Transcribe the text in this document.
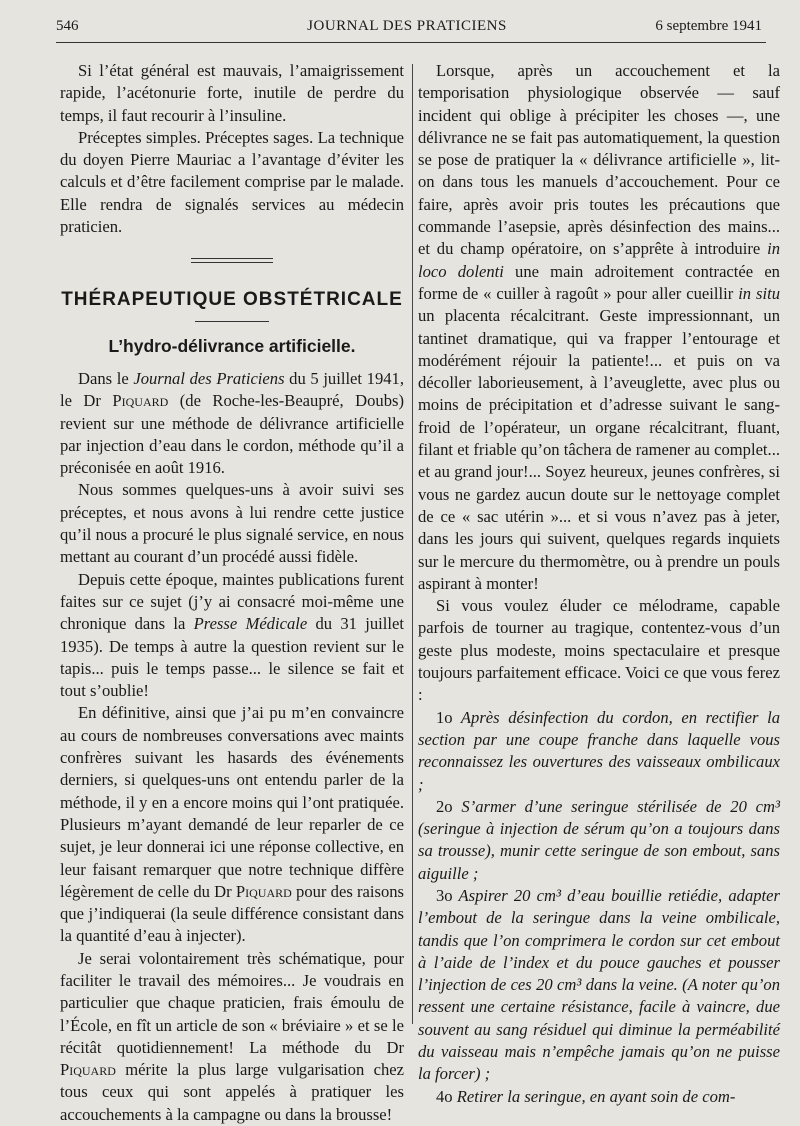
546	JOURNAL DES PRATICIENS	6 septembre 1941

Si l’état général est mauvais, l’amaigrissement rapide, l’acétonurie forte, inutile de perdre du temps, il faut recourir à l’insuline.

Préceptes simples. Préceptes sages. La technique du doyen Pierre Mauriac a l’avantage d’éviter les calculs et d’être facilement comprise par le malade. Elle rendra de signalés services au médecin praticien.

THÉRAPEUTIQUE OBSTÉTRICALE

L’hydro-délivrance artificielle.

Dans le Journal des Praticiens du 5 juillet 1941, le Dr Piquard (de Roche-les-Beaupré, Doubs) revient sur une méthode de délivrance artificielle par injection d’eau dans le cordon, méthode qu’il a préconisée en août 1916.

Nous sommes quelques-uns à avoir suivi ses préceptes, et nous avons à lui rendre cette justice qu’il nous a procuré le plus signalé service, en nous mettant au courant d’un procédé aussi fidèle.

Depuis cette époque, maintes publications furent faites sur ce sujet (j’y ai consacré moi-même une chronique dans la Presse Médicale du 31 juillet 1935). De temps à autre la question revient sur le tapis... puis le temps passe... le silence se fait et tout s’oublie!

En définitive, ainsi que j’ai pu m’en convaincre au cours de nombreuses conversations avec maints confrères suivant les hasards des événements derniers, si quelques-uns ont entendu parler de la méthode, il y en a encore moins qui l’ont pratiquée. Plusieurs m’ayant demandé de leur reparler de ce sujet, je leur donnerai ici une réponse collective, en leur faisant remarquer que notre technique diffère légèrement de celle du Dr Piquard pour des raisons que j’indiquerai (la seule différence consistant dans la quantité d’eau à injecter).

Je serai volontairement très schématique, pour faciliter le travail des mémoires... Je voudrais en particulier que chaque praticien, frais émoulu de l’École, en fît un article de son « bréviaire » et se le récitât quotidiennement! La méthode du Dr Piquard mérite la plus large vulgarisation chez tous ceux qui sont appelés à pratiquer les accouchements à la campagne ou dans la brousse!

Lorsque, après un accouchement et la temporisation physiologique observée — sauf incident qui oblige à précipiter les choses —, une délivrance ne se fait pas automatiquement, la question se pose de pratiquer la « délivrance artificielle », lit-on dans tous les manuels d’accouchement. Pour ce faire, après avoir pris toutes les précautions que commande l’asepsie, après désinfection des mains... et du champ opératoire, on s’apprête à introduire in loco dolenti une main adroitement contractée en forme de « cuiller à ragoût » pour aller cueillir in situ un placenta récalcitrant. Geste impressionnant, un tantinet dramatique, qui va frapper l’entourage et modérément réjouir la patiente!... et puis on va décoller laborieusement, à l’aveuglette, avec plus ou moins de précipitation et d’adresse suivant le sang-froid de l’opérateur, un organe récalcitrant, fluant, filant et friable qu’on tâchera de ramener au complet... et au grand jour!... Soyez heureux, jeunes confrères, si vous ne gardez aucun doute sur le nettoyage complet de ce « sac utérin »... et si vous n’avez pas à jeter, dans les jours qui suivent, quelques regards inquiets sur le mercure du thermomètre, ou à prendre un pouls aspirant à monter!

Si vous voulez éluder ce mélodrame, capable parfois de tourner au tragique, contentez-vous d’un geste plus modeste, moins spectaculaire et presque toujours parfaitement efficace. Voici ce que vous ferez :

1o Après désinfection du cordon, en rectifier la section par une coupe franche dans laquelle vous reconnaissez les ouvertures des vaisseaux ombilicaux ;

2o S’armer d’une seringue stérilisée de 20 cm³ (seringue à injection de sérum qu’on a toujours dans sa trousse), munir cette seringue de son embout, sans aiguille ;

3o Aspirer 20 cm³ d’eau bouillie retiédie, adapter l’embout de la seringue dans la veine ombilicale, tandis que l’on comprimera le cordon sur cet embout à l’aide de l’index et du pouce gauches et pousser l’injection de ces 20 cm³ dans la veine. (A noter qu’on ressent une certaine résistance, facile à vaincre, due souvent au sang résiduel qui diminue la perméabilité du vaisseau mais n’empêche jamais qu’on ne puisse la forcer) ;

4o Retirer la seringue, en ayant soin de com-
